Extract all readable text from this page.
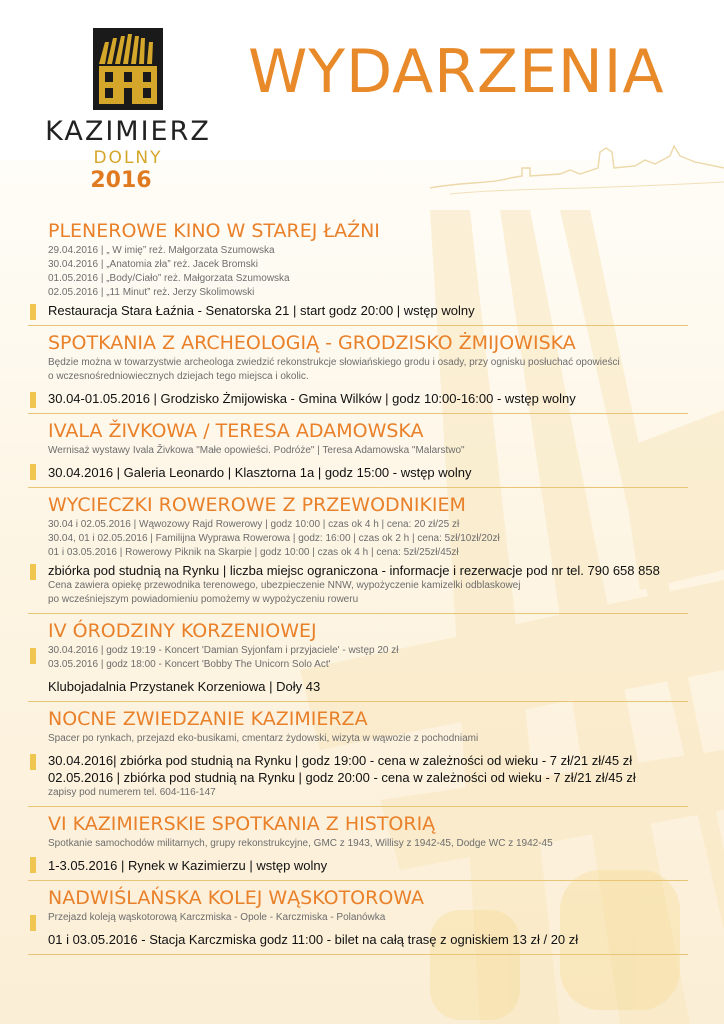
KAZIMIERZ
DOLNY
2016
WYDARZENIA
PLENEROWE KINO W STAREJ ŁAŹNI
29.04.2016 | „ W imię” reż. Małgorzata Szumowska
30.04.2016 | „Anatomia zła” reż. Jacek Bromski
01.05.2016 | „Body/Ciało” reż. Małgorzata Szumowska
02.05.2016 | „11 Minut” reż. Jerzy Skolimowski
Restauracja Stara Łaźnia - Senatorska 21 | start godz 20:00 | wstęp wolny
SPOTKANIA Z ARCHEOLOGIĄ - GRODZISKO ŻMIJOWISKA
Będzie można w towarzystwie archeologa zwiedzić rekonstrukcje słowiańskiego grodu i osady, przy ognisku posłuchać opowieści
o wczesnośredniowiecznych dziejach tego miejsca i okolic.
30.04-01.05.2016 | Grodzisko Żmijowiska - Gmina Wilków | godz 10:00-16:00 - wstęp wolny
IVALA ŽIVKOWA / TERESA ADAMOWSKA
Wernisaż wystawy Ivala Živkowa "Małe opowieści. Podróże" | Teresa Adamowska "Malarstwo"
30.04.2016 | Galeria Leonardo | Klasztorna 1a | godz 15:00 - wstęp wolny
WYCIECZKI ROWEROWE Z PRZEWODNIKIEM
30.04 i 02.05.2016 | Wąwozowy Rajd Rowerowy | godz 10:00 | czas ok 4 h | cena: 20 zł/25 zł
30.04, 01 i 02.05.2016 | Familijna Wyprawa Rowerowa | godz: 16:00 | czas ok 2 h | cena: 5zł/10zł/20zł
01 i 03.05.2016 | Rowerowy Piknik na Skarpie | godz 10:00 | czas ok 4 h | cena: 5zł/25zł/45zł
zbiórka pod studnią na Rynku | liczba miejsc ograniczona - informacje i rezerwacje pod nr tel. 790 658 858
Cena zawiera opiekę przewodnika terenowego, ubezpieczenie NNW, wypożyczenie kamizelki odblaskowej
po wcześniejszym powiadomieniu pomożemy w wypożyczeniu roweru
IV ÓRODZINY KORZENIOWEJ
30.04.2016 | godz 19:19 - Koncert 'Damian Syjonfam i przyjaciele' - wstęp 20 zł
03.05.2016 | godz 18:00 - Koncert 'Bobby The Unicorn Solo Act'
Klubojadalnia Przystanek Korzeniowa | Doły 43
NOCNE ZWIEDZANIE KAZIMIERZA
Spacer po rynkach, przejazd eko-busikami, cmentarz żydowski, wizyta w wąwozie z pochodniami
30.04.2016| zbiórka pod studnią na Rynku | godz 19:00 - cena w zależności od wieku - 7 zł/21 zł/45 zł
02.05.2016 | zbiórka pod studnią na Rynku | godz 20:00 - cena w zależności od wieku - 7 zł/21 zł/45 zł
zapisy pod numerem tel. 604-116-147
VI KAZIMIERSKIE SPOTKANIA Z HISTORIĄ
Spotkanie samochodów militarnych, grupy rekonstrukcyjne, GMC z 1943, Willisy z 1942-45, Dodge WC z 1942-45
1-3.05.2016 | Rynek w Kazimierzu | wstęp wolny
NADWIŚLAŃSKA KOLEJ WĄSKOTOROWA
Przejazd koleją wąskotorową Karczmiska - Opole - Karczmiska - Polanówka
01 i 03.05.2016 - Stacja Karczmiska godz 11:00 - bilet na całą trasę z ogniskiem 13 zł / 20 zł
